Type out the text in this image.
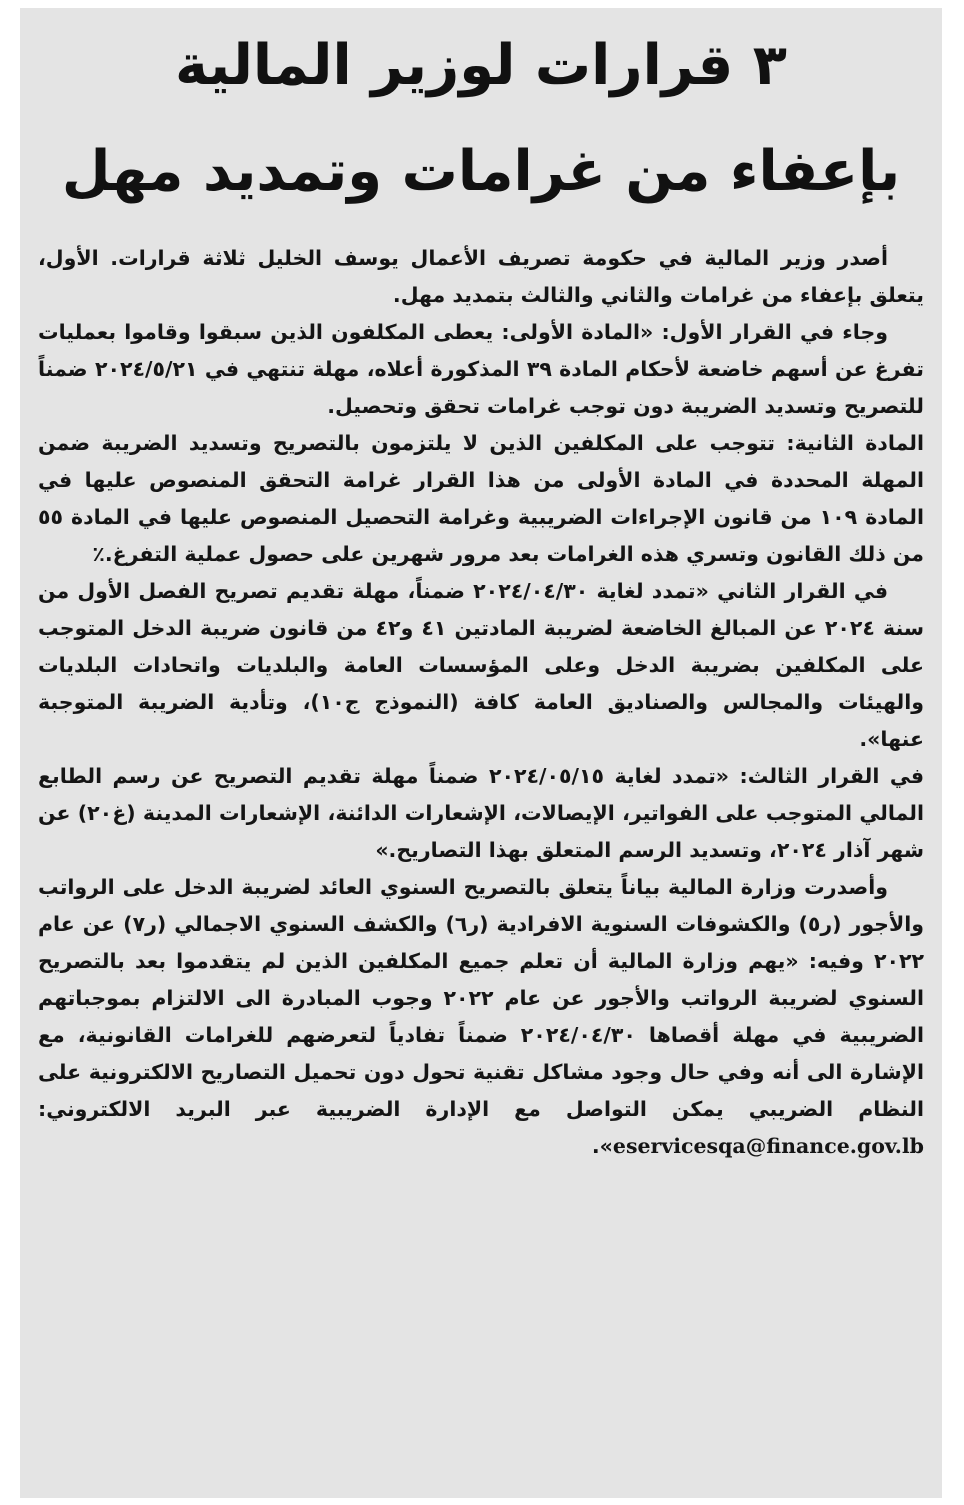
٣ قرارات لوزير المالية
بإعفاء من غرامات وتمديد مهل

أصدر وزير المالية في حكومة تصريف الأعمال يوسف الخليل ثلاثة قرارات. الأول، يتعلق بإعفاء من غرامات والثاني والثالث بتمديد مهل.

وجاء في القرار الأول: «المادة الأولى: يعطى المكلفون الذين سبقوا وقاموا بعمليات تفرغ عن أسهم خاضعة لأحكام المادة ٣٩ المذكورة أعلاه، مهلة تنتهي في ٢٠٢٤/٥/٢١ ضمناً للتصريح وتسديد الضريبة دون توجب غرامات تحقق وتحصيل.

المادة الثانية: تتوجب على المكلفين الذين لا يلتزمون بالتصريح وتسديد الضريبة ضمن المهلة المحددة في المادة الأولى من هذا القرار غرامة التحقق المنصوص عليها في المادة ١٠٩ من قانون الإجراءات الضريبية وغرامة التحصيل المنصوص عليها في المادة ٥٥ من ذلك القانون وتسري هذه الغرامات بعد مرور شهرين على حصول عملية التفرغ.٪

في القرار الثاني «تمدد لغاية ٢٠٢٤/٠٤/٣٠ ضمناً، مهلة تقديم تصريح الفصل الأول من سنة ٢٠٢٤ عن المبالغ الخاضعة لضريبة المادتين ٤١ و٤٢ من قانون ضريبة الدخل المتوجب على المكلفين بضريبة الدخل وعلى المؤسسات العامة والبلديات واتحادات البلديات والهيئات والمجالس والصناديق العامة كافة (النموذج ج١٠)، وتأدية الضريبة المتوجبة عنها».

في القرار الثالث: «تمدد لغاية ٢٠٢٤/٠٥/١٥ ضمناً مهلة تقديم التصريح عن رسم الطابع المالي المتوجب على الفواتير، الإيصالات، الإشعارات الدائنة، الإشعارات المدينة (غ٢٠) عن شهر آذار ٢٠٢٤، وتسديد الرسم المتعلق بهذا التصاريح.»

وأصدرت وزارة المالية بياناً يتعلق بالتصريح السنوي العائد لضريبة الدخل على الرواتب والأجور (ر٥) والكشوفات السنوية الافرادية (ر٦) والكشف السنوي الاجمالي (ر٧) عن عام ٢٠٢٢ وفيه: «يهم وزارة المالية أن تعلم جميع المكلفين الذين لم يتقدموا بعد بالتصريح السنوي لضريبة الرواتب والأجور عن عام ٢٠٢٢ وجوب المبادرة الى الالتزام بموجباتهم الضريبية في مهلة أقصاها ٢٠٢٤/٠٤/٣٠ ضمناً تفادياً لتعرضهم للغرامات القانونية، مع الإشارة الى أنه وفي حال وجود مشاكل تقنية تحول دون تحميل التصاريح الالكترونية على النظام الضريبي يمكن التواصل مع الإدارة الضريبية عبر البريد الالكتروني: eservicesqa@finance.gov.lb».
